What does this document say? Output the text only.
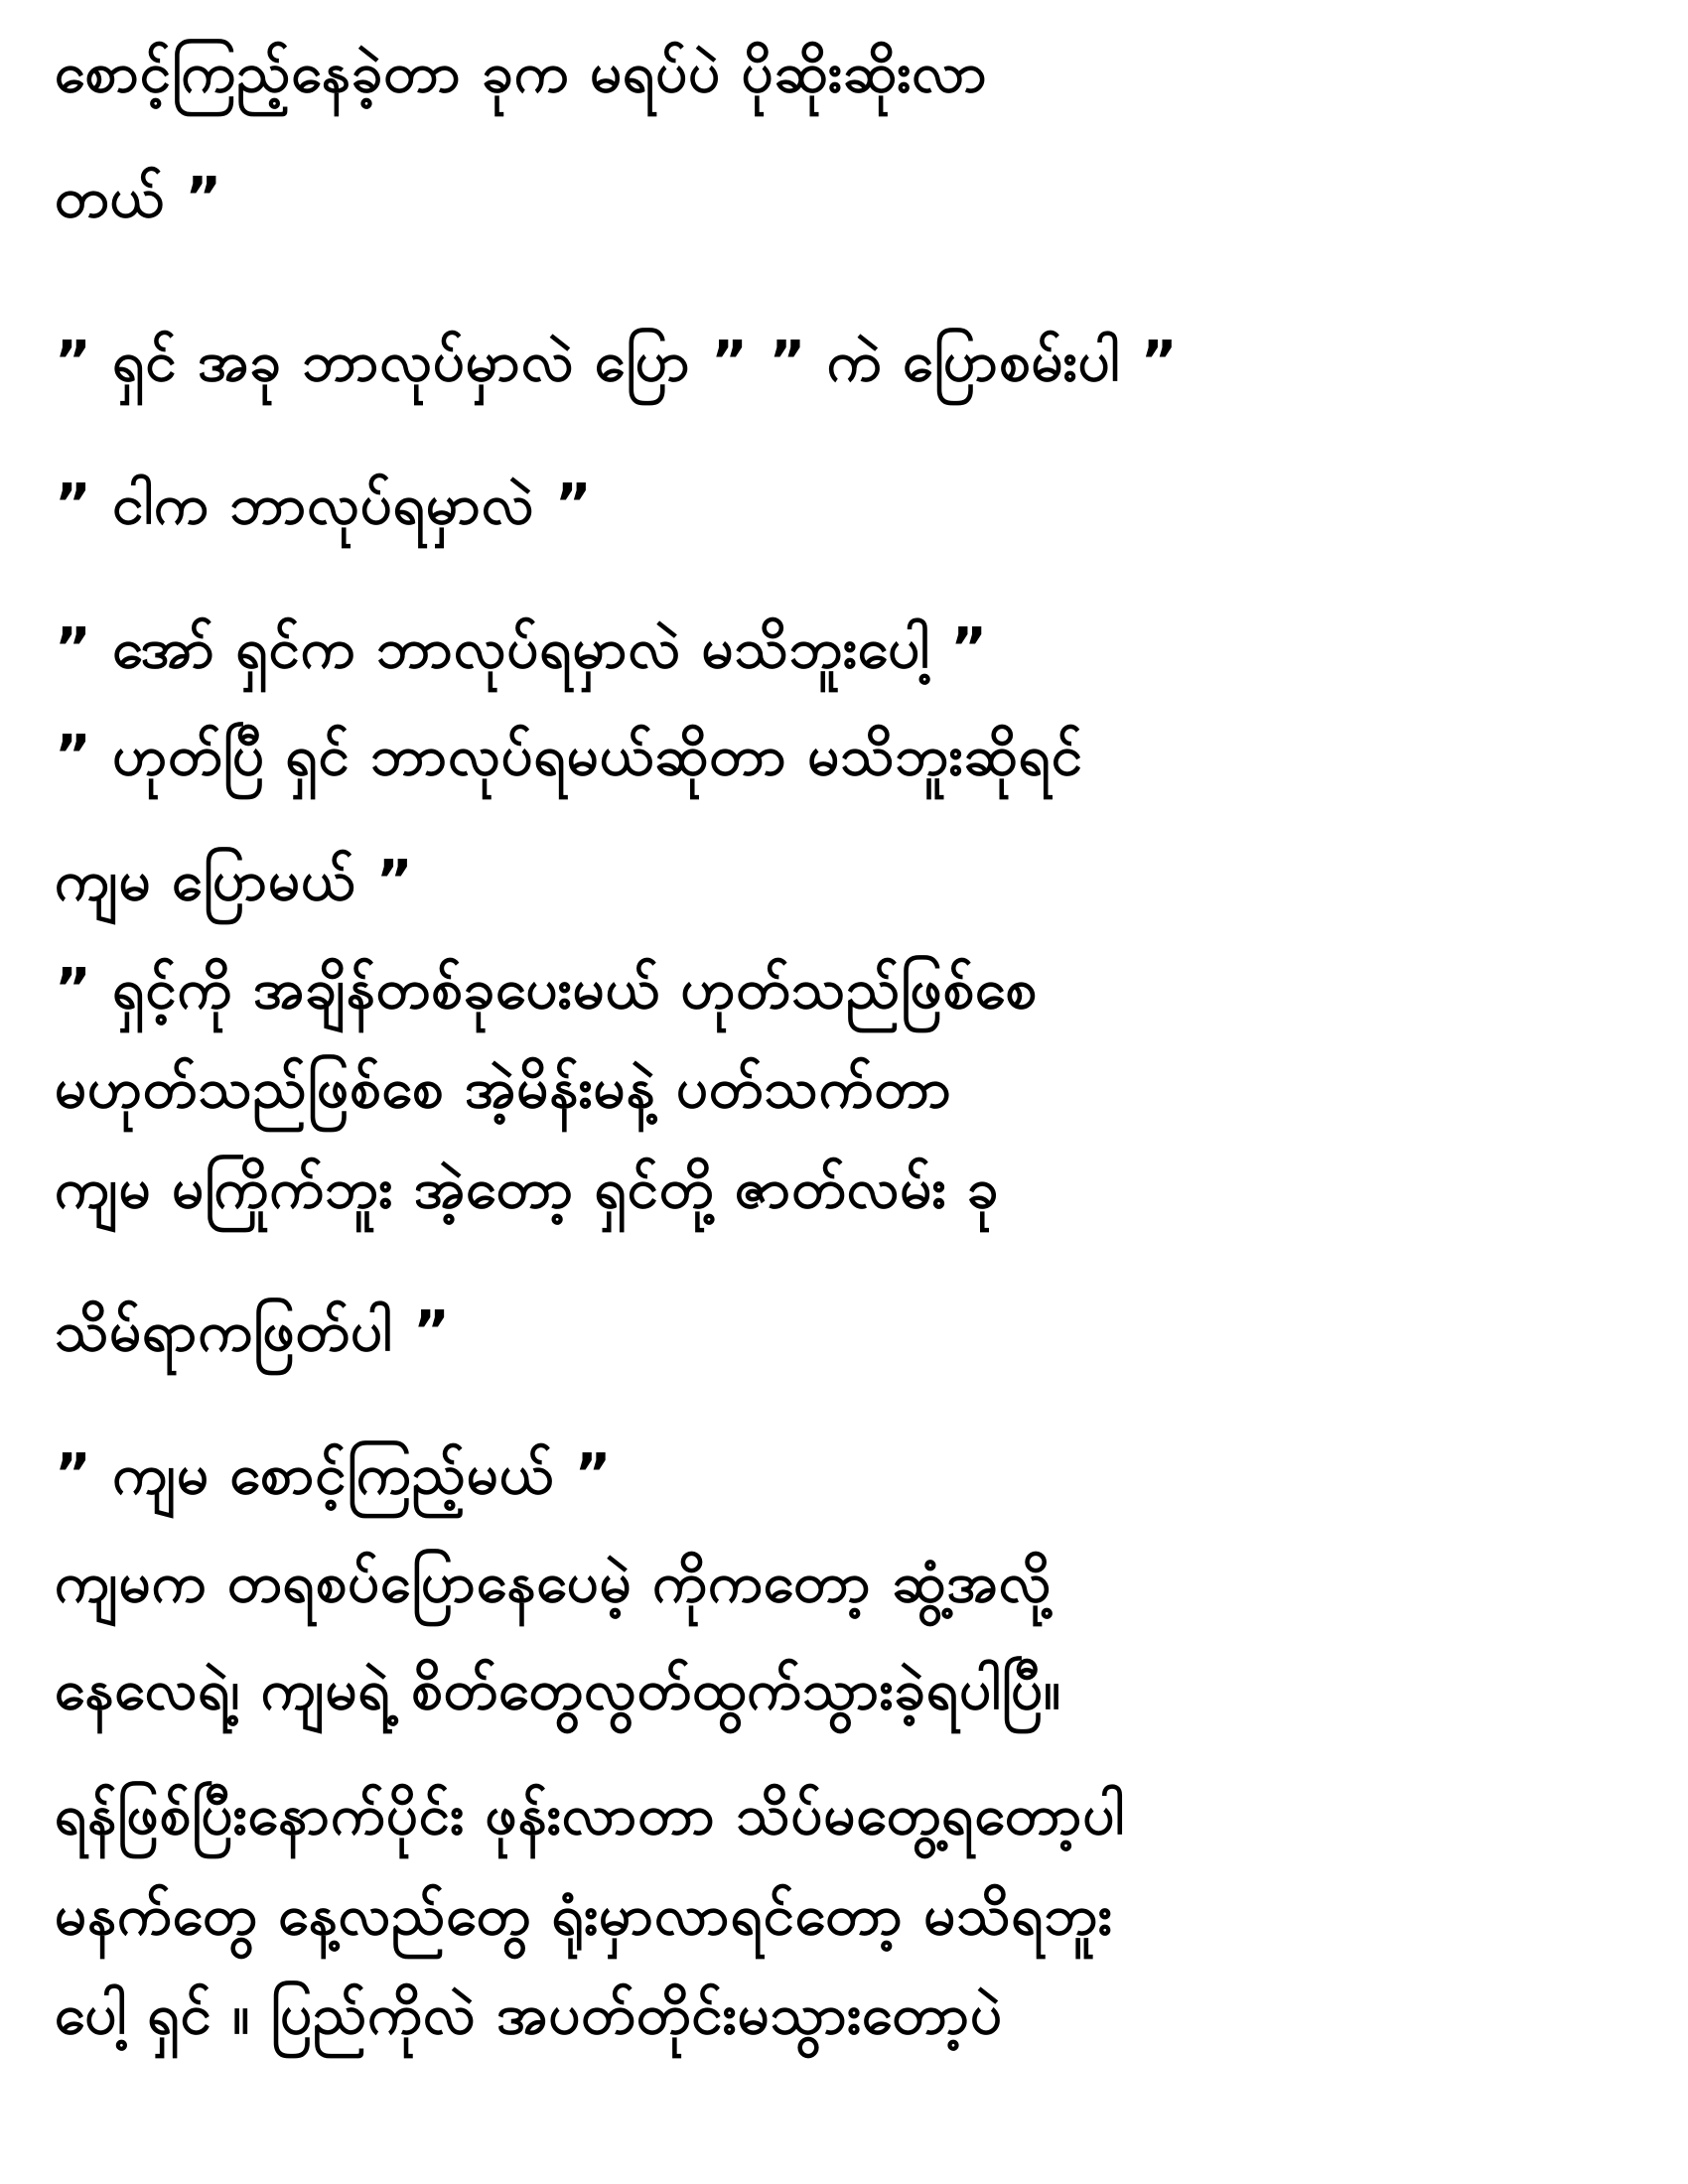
စောင့်ကြည့်နေခဲ့တာ ခုက မရပ်ပဲ ပိုဆိုးဆိုးလာ

တယ် ”

” ရှင် အခု ဘာလုပ်မှာလဲ ပြော ” ” ကဲ ပြောစမ်းပါ ”

” ငါက ဘာလုပ်ရမှာလဲ ”

” အော် ရှင်က ဘာလုပ်ရမှာလဲ မသိဘူးပေါ့ ”

” ဟုတ်ပြီ ရှင် ဘာလုပ်ရမယ်ဆိုတာ မသိဘူးဆိုရင်

ကျမ ပြောမယ် ”

” ရှင့်ကို အချိန်တစ်ခုပေးမယ် ဟုတ်သည်ဖြစ်စေ

မဟုတ်သည်ဖြစ်စေ အဲ့မိန်းမနဲ့ ပတ်သက်တာ

ကျမ မကြိုက်ဘူး အဲ့တော့ ရှင်တို့ ဇာတ်လမ်း ခု

သိမ်ရာကဖြတ်ပါ ”

” ကျမ စောင့်ကြည့်မယ် ”

ကျမက တရစပ်ပြောနေပေမဲ့ ကိုကတော့ ဆွံ့အလို့

နေလေရဲ့၊ ကျမရဲ့ စိတ်တွေလွတ်ထွက်သွားခဲ့ရပါပြီ။

ရန်ဖြစ်ပြီးနောက်ပိုင်း ဖုန်းလာတာ သိပ်မတွေ့ရတော့ပါ

မနက်တွေ နေ့လည်တွေ ရုံးမှာလာရင်တော့ မသိရဘူး

ပေါ့ ရှင် ။ ပြည်ကိုလဲ အပတ်တိုင်းမသွားတော့ပဲ
